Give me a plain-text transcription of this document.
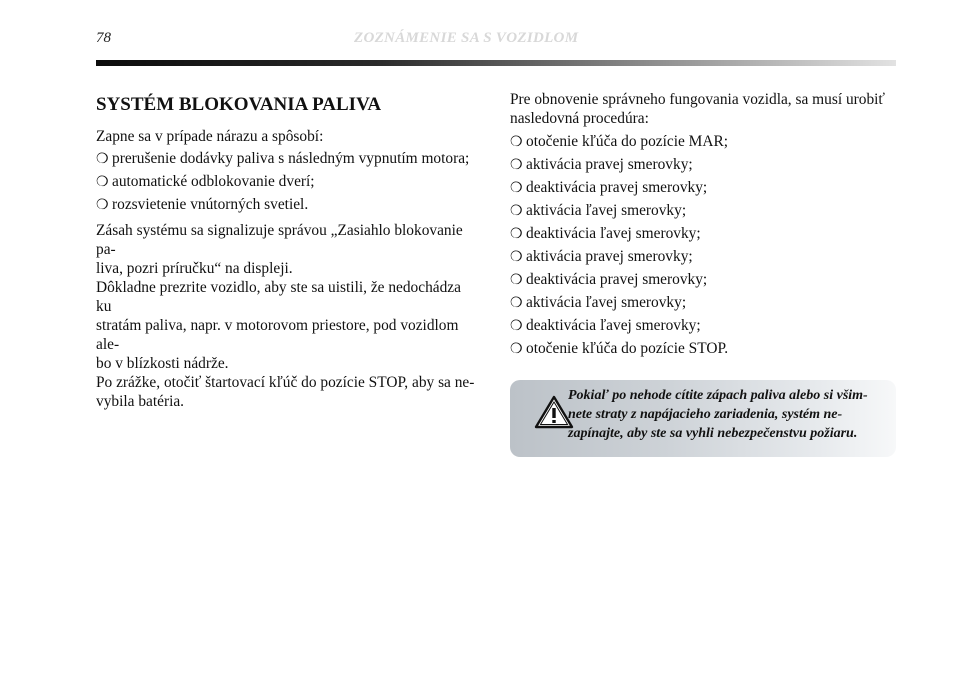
78	ZOZNÁMENIE SA S VOZIDLOM
SYSTÉM BLOKOVANIA PALIVA

Zapne sa v prípade nárazu a spôsobí:

❍ prerušenie dodávky paliva s následným vypnutím motora;
❍ automatické odblokovanie dverí;
❍ rozsvietenie vnútorných svetiel.
Zásah systému sa signalizuje správou „Zasiahlo blokovanie pa-
liva, pozri príručku“ na displeji.
Dôkladne prezrite vozidlo, aby ste sa uistili, že nedochádza ku
stratám paliva, napr. v motorovom priestore, pod vozidlom ale-
bo v blízkosti nádrže.
Po zrážke, otočiť štartovací kľúč do pozície STOP, aby sa ne-
vybila batéria.
Pre obnovenie správneho fungovania vozidla, sa musí urobiť
nasledovná procedúra:
❍ otočenie kľúča do pozície MAR;
❍ aktivácia pravej smerovky;
❍ deaktivácia pravej smerovky;
❍ aktivácia ľavej smerovky;
❍ deaktivácia ľavej smerovky;
❍ aktivácia pravej smerovky;
❍ deaktivácia pravej smerovky;
❍ aktivácia ľavej smerovky;
❍ deaktivácia ľavej smerovky;
❍ otočenie kľúča do pozície STOP.
Pokiaľ po nehode cítite zápach paliva alebo si všim-
nete straty z napájacieho zariadenia, systém ne-
zapínajte, aby ste sa vyhli nebezpečenstvu požiaru.
